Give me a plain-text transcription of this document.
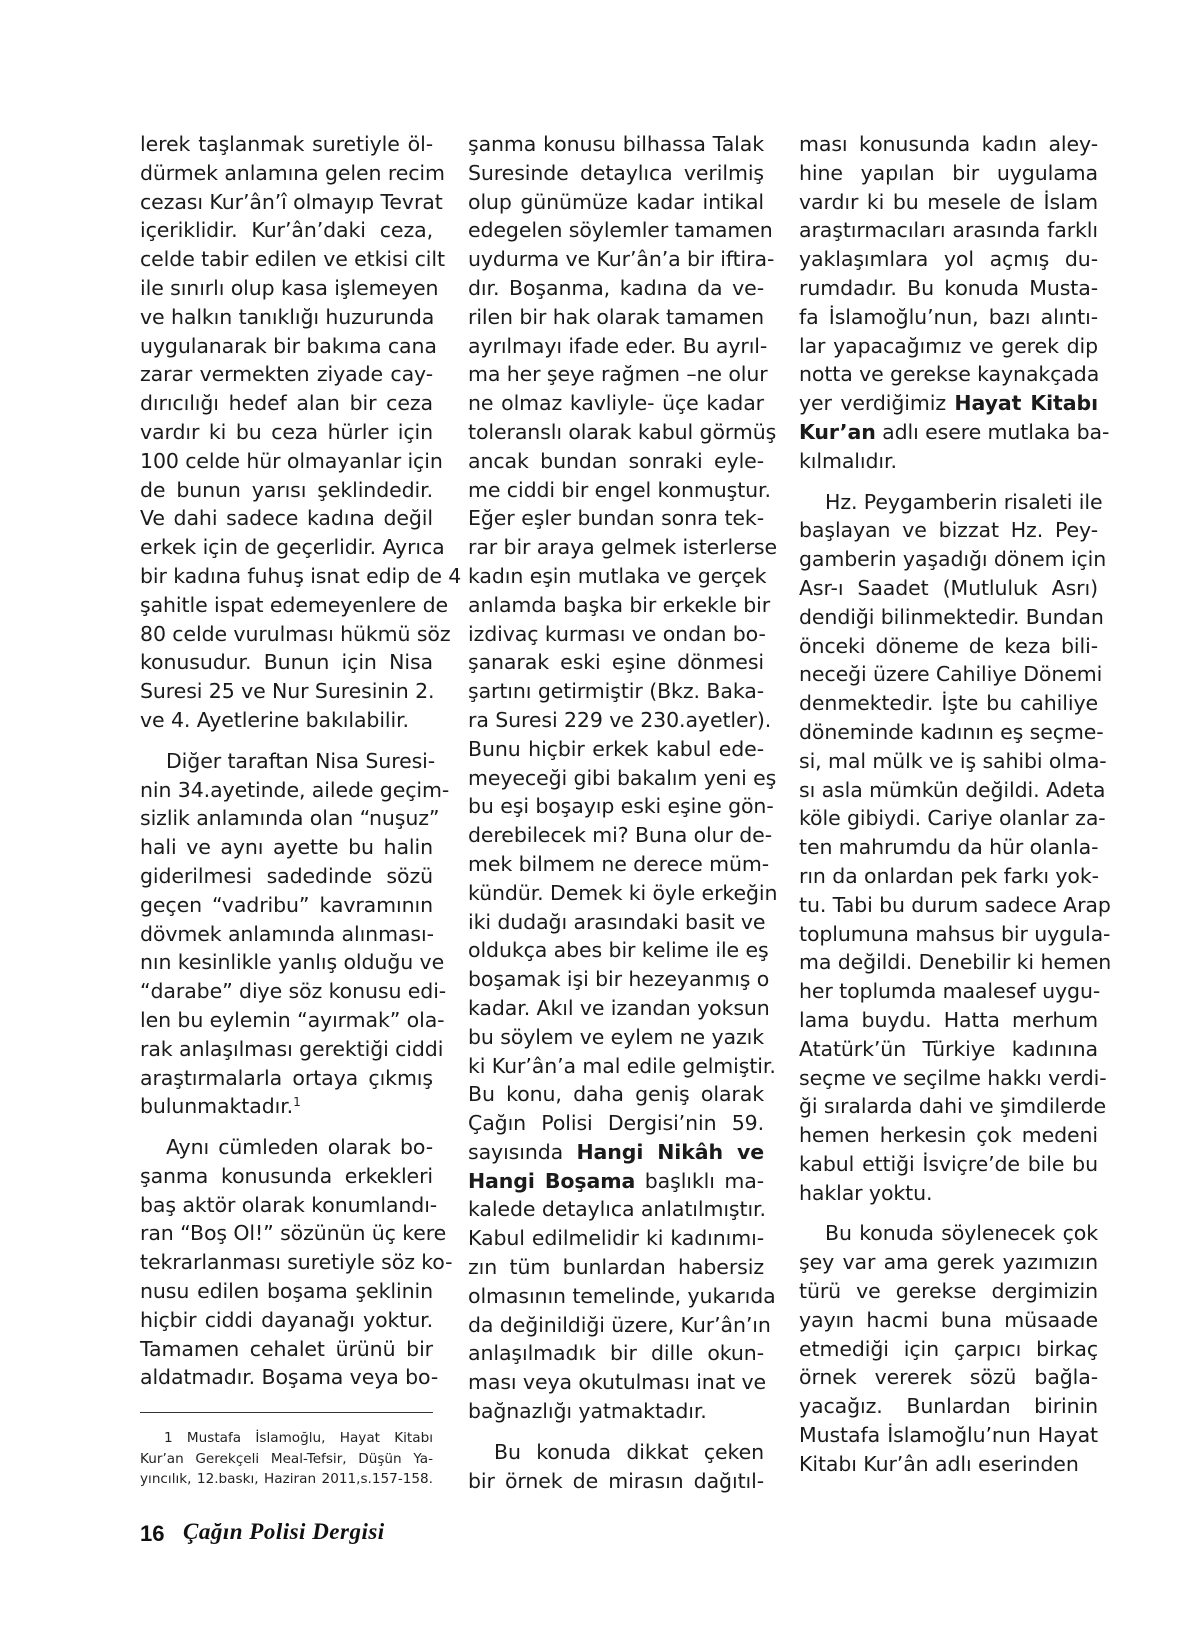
lerek taşlanmak suretiyle öl-
dürmek anlamına gelen recim
cezası Kur’ân’î olmayıp Tevrat
içeriklidir. Kur’ân’daki ceza,
celde tabir edilen ve etkisi cilt
ile sınırlı olup kasa işlemeyen
ve halkın tanıklığı huzurunda
uygulanarak bir bakıma cana
zarar vermekten ziyade cay-
dırıcılığı hedef alan bir ceza
vardır ki bu ceza hürler için
100 celde hür olmayanlar için
de bunun yarısı şeklindedir.
Ve dahi sadece kadına değil
erkek için de geçerlidir. Ayrıca
bir kadına fuhuş isnat edip de 4
şahitle ispat edemeyenlere de
80 celde vurulması hükmü söz
konusudur. Bunun için Nisa
Suresi 25 ve Nur Suresinin 2.
ve 4. Ayetlerine bakılabilir.
Diğer taraftan Nisa Suresi-
nin 34.ayetinde, ailede geçim-
sizlik anlamında olan “nuşuz”
hali ve aynı ayette bu halin
giderilmesi sadedinde sözü
geçen “vadribu” kavramının
dövmek anlamında alınması-
nın kesinlikle yanlış olduğu ve
“darabe” diye söz konusu edi-
len bu eylemin “ayırmak” ola-
rak anlaşılması gerektiği ciddi
araştırmalarla ortaya çıkmış
bulunmaktadır.$^1$
Aynı cümleden olarak bo-
şanma konusunda erkekleri
baş aktör olarak konumlandı-
ran “Boş Ol!” sözünün üç kere
tekrarlanması suretiyle söz ko-
nusu edilen boşama şeklinin
hiçbir ciddi dayanağı yoktur.
Tamamen cehalet ürünü bir
aldatmadır. Boşama veya bo-
şanma konusu bilhassa Talak
Suresinde detaylıca verilmiş
olup günümüze kadar intikal
edegelen söylemler tamamen
uydurma ve Kur’ân’a bir iftira-
dır. Boşanma, kadına da ve-
rilen bir hak olarak tamamen
ayrılmayı ifade eder. Bu ayrıl-
ma her şeye rağmen –ne olur
ne olmaz kavliyle- üçe kadar
toleranslı olarak kabul görmüş
ancak bundan sonraki eyle-
me ciddi bir engel konmuştur.
Eğer eşler bundan sonra tek-
rar bir araya gelmek isterlerse
kadın eşin mutlaka ve gerçek
anlamda başka bir erkekle bir
izdivaç kurması ve ondan bo-
şanarak eski eşine dönmesi
şartını getirmiştir (Bkz. Baka-
ra Suresi 229 ve 230.ayetler).
Bunu hiçbir erkek kabul ede-
meyeceği gibi bakalım yeni eş
bu eşi boşayıp eski eşine gön-
derebilecek mi? Buna olur de-
mek bilmem ne derece müm-
kündür. Demek ki öyle erkeğin
iki dudağı arasındaki basit ve
oldukça abes bir kelime ile eş
boşamak işi bir hezeyanmış o
kadar. Akıl ve izandan yoksun
bu söylem ve eylem ne yazık
ki Kur’ân’a mal edile gelmiştir.
Bu konu, daha geniş olarak
Çağın Polisi Dergisi’nin 59.
sayısında Hangi Nikâh ve
Hangi Boşama başlıklı ma-
kalede detaylıca anlatılmıştır.
Kabul edilmelidir ki kadınımı-
zın tüm bunlardan habersiz
olmasının temelinde, yukarıda
da değinildiği üzere, Kur’ân’ın
anlaşılmadık bir dille okun-
ması veya okutulması inat ve
bağnazlığı yatmaktadır.
Bu konuda dikkat çeken
bir örnek de mirasın dağıtıl-
ması konusunda kadın aley-
hine yapılan bir uygulama
vardır ki bu mesele de İslam
araştırmacıları arasında farklı
yaklaşımlara yol açmış du-
rumdadır. Bu konuda Musta-
fa İslamoğlu’nun, bazı alıntı-
lar yapacağımız ve gerek dip
notta ve gerekse kaynakçada
yer verdiğimiz Hayat Kitabı
Kur’an adlı esere mutlaka ba-
kılmalıdır.
Hz. Peygamberin risaleti ile
başlayan ve bizzat Hz. Pey-
gamberin yaşadığı dönem için
Asr-ı Saadet (Mutluluk Asrı)
dendiği bilinmektedir. Bundan
önceki döneme de keza bili-
neceği üzere Cahiliye Dönemi
denmektedir. İşte bu cahiliye
döneminde kadının eş seçme-
si, mal mülk ve iş sahibi olma-
sı asla mümkün değildi. Adeta
köle gibiydi. Cariye olanlar za-
ten mahrumdu da hür olanla-
rın da onlardan pek farkı yok-
tu. Tabi bu durum sadece Arap
toplumuna mahsus bir uygula-
ma değildi. Denebilir ki hemen
her toplumda maalesef uygu-
lama buydu. Hatta merhum
Atatürk’ün Türkiye kadınına
seçme ve seçilme hakkı verdi-
ği sıralarda dahi ve şimdilerde
hemen herkesin çok medeni
kabul ettiği İsviçre’de bile bu
haklar yoktu.
Bu konuda söylenecek çok
şey var ama gerek yazımızın
türü ve gerekse dergimizin
yayın hacmi buna müsaade
etmediği için çarpıcı birkaç
örnek vererek sözü bağla-
yacağız. Bunlardan birinin
Mustafa İslamoğlu’nun Hayat
Kitabı Kur’ân adlı eserinden
1 Mustafa İslamoğlu, Hayat Kitabı
Kur’an Gerekçeli Meal-Tefsir, Düşün Ya-
yıncılık, 12.baskı, Haziran 2011,s.157-158.
16 Çağın Polisi Dergisi
